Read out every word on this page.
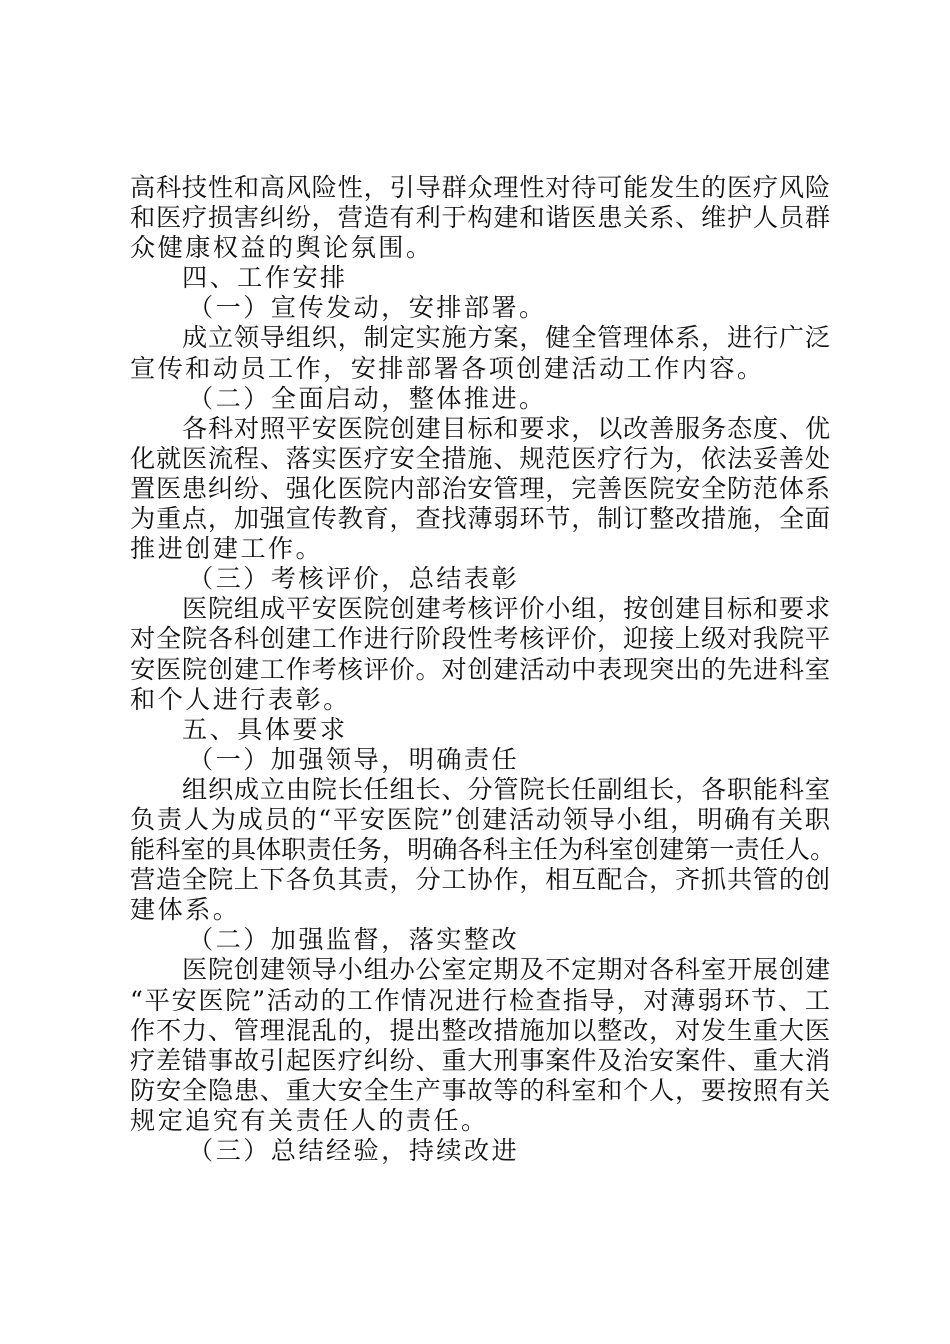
高科技性和高风险性，引导群众理性对待可能发生的医疗风险

和医疗损害纠纷，营造有利于构建和谐医患关系、维护人员群

众健康权益的舆论氛围。

四、工作安排

（一）宣传发动，安排部署。

成立领导组织，制定实施方案，健全管理体系，进行广泛

宣传和动员工作，安排部署各项创建活动工作内容。

（二）全面启动，整体推进。

各科对照平安医院创建目标和要求，以改善服务态度、优

化就医流程、落实医疗安全措施、规范医疗行为，依法妥善处

置医患纠纷、强化医院内部治安管理，完善医院安全防范体系

为重点，加强宣传教育，查找薄弱环节，制订整改措施，全面

推进创建工作。

（三）考核评价，总结表彰

医院组成平安医院创建考核评价小组，按创建目标和要求

对全院各科创建工作进行阶段性考核评价，迎接上级对我院平

安医院创建工作考核评价。对创建活动中表现突出的先进科室

和个人进行表彰。

五、具体要求

（一）加强领导，明确责任

组织成立由院长任组长、分管院长任副组长，各职能科室

负责人为成员的“平安医院”创建活动领导小组，明确有关职

能科室的具体职责任务，明确各科主任为科室创建第一责任人。

营造全院上下各负其责，分工协作，相互配合，齐抓共管的创

建体系。

（二）加强监督，落实整改

医院创建领导小组办公室定期及不定期对各科室开展创建

“平安医院”活动的工作情况进行检查指导，对薄弱环节、工

作不力、管理混乱的，提出整改措施加以整改，对发生重大医

疗差错事故引起医疗纠纷、重大刑事案件及治安案件、重大消

防安全隐患、重大安全生产事故等的科室和个人，要按照有关

规定追究有关责任人的责任。

（三）总结经验，持续改进
